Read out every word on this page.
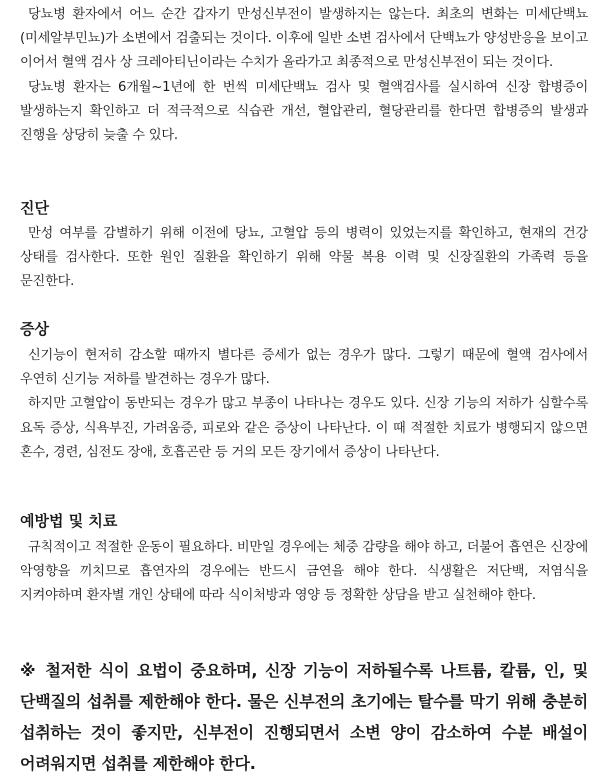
당뇨병 환자에서 어느 순간 갑자기 만성신부전이 발생하지는 않는다. 최초의 변화는 미세단백뇨(미세알부민뇨)가 소변에서 검출되는 것이다. 이후에 일반 소변 검사에서 단백뇨가 양성반응을 보이고 이어서 혈액 검사 상 크레아티닌이라는 수치가 올라가고 최종적으로 만성신부전이 되는 것이다.

당뇨병 환자는 6개월~1년에 한 번씩 미세단백뇨 검사 및 혈액검사를 실시하여 신장 합병증이 발생하는지 확인하고 더 적극적으로 식습관 개선, 혈압관리, 혈당관리를 한다면 합병증의 발생과 진행을 상당히 늦출 수 있다.

진단

만성 여부를 감별하기 위해 이전에 당뇨, 고혈압 등의 병력이 있었는지를 확인하고, 현재의 건강 상태를 검사한다. 또한 원인 질환을 확인하기 위해 약물 복용 이력 및 신장질환의 가족력 등을 문진한다.

증상

신기능이 현저히 감소할 때까지 별다른 증세가 없는 경우가 많다. 그렇기 때문에 혈액 검사에서 우연히 신기능 저하를 발견하는 경우가 많다.

하지만 고혈압이 동반되는 경우가 많고 부종이 나타나는 경우도 있다. 신장 기능의 저하가 심할수록 요독 증상, 식욕부진, 가려움증, 피로와 같은 증상이 나타난다. 이 때 적절한 치료가 병행되지 않으면 혼수, 경련, 심전도 장애, 호흡곤란 등 거의 모든 장기에서 증상이 나타난다.

예방법 및 치료

규칙적이고 적절한 운동이 필요하다. 비만일 경우에는 체중 감량을 해야 하고, 더불어 흡연은 신장에 악영향을 끼치므로 흡연자의 경우에는 반드시 금연을 해야 한다. 식생활은 저단백, 저염식을 지켜야하며 환자별 개인 상태에 따라 식이처방과 영양 등 정확한 상담을 받고 실천해야 한다.

※ 철저한 식이 요법이 중요하며, 신장 기능이 저하될수록 나트륨, 칼륨, 인, 및 단백질의 섭취를 제한해야 한다. 물은 신부전의 초기에는 탈수를 막기 위해 충분히 섭취하는 것이 좋지만, 신부전이 진행되면서 소변 양이 감소하여 수분 배설이 어려워지면 섭취를 제한해야 한다.
